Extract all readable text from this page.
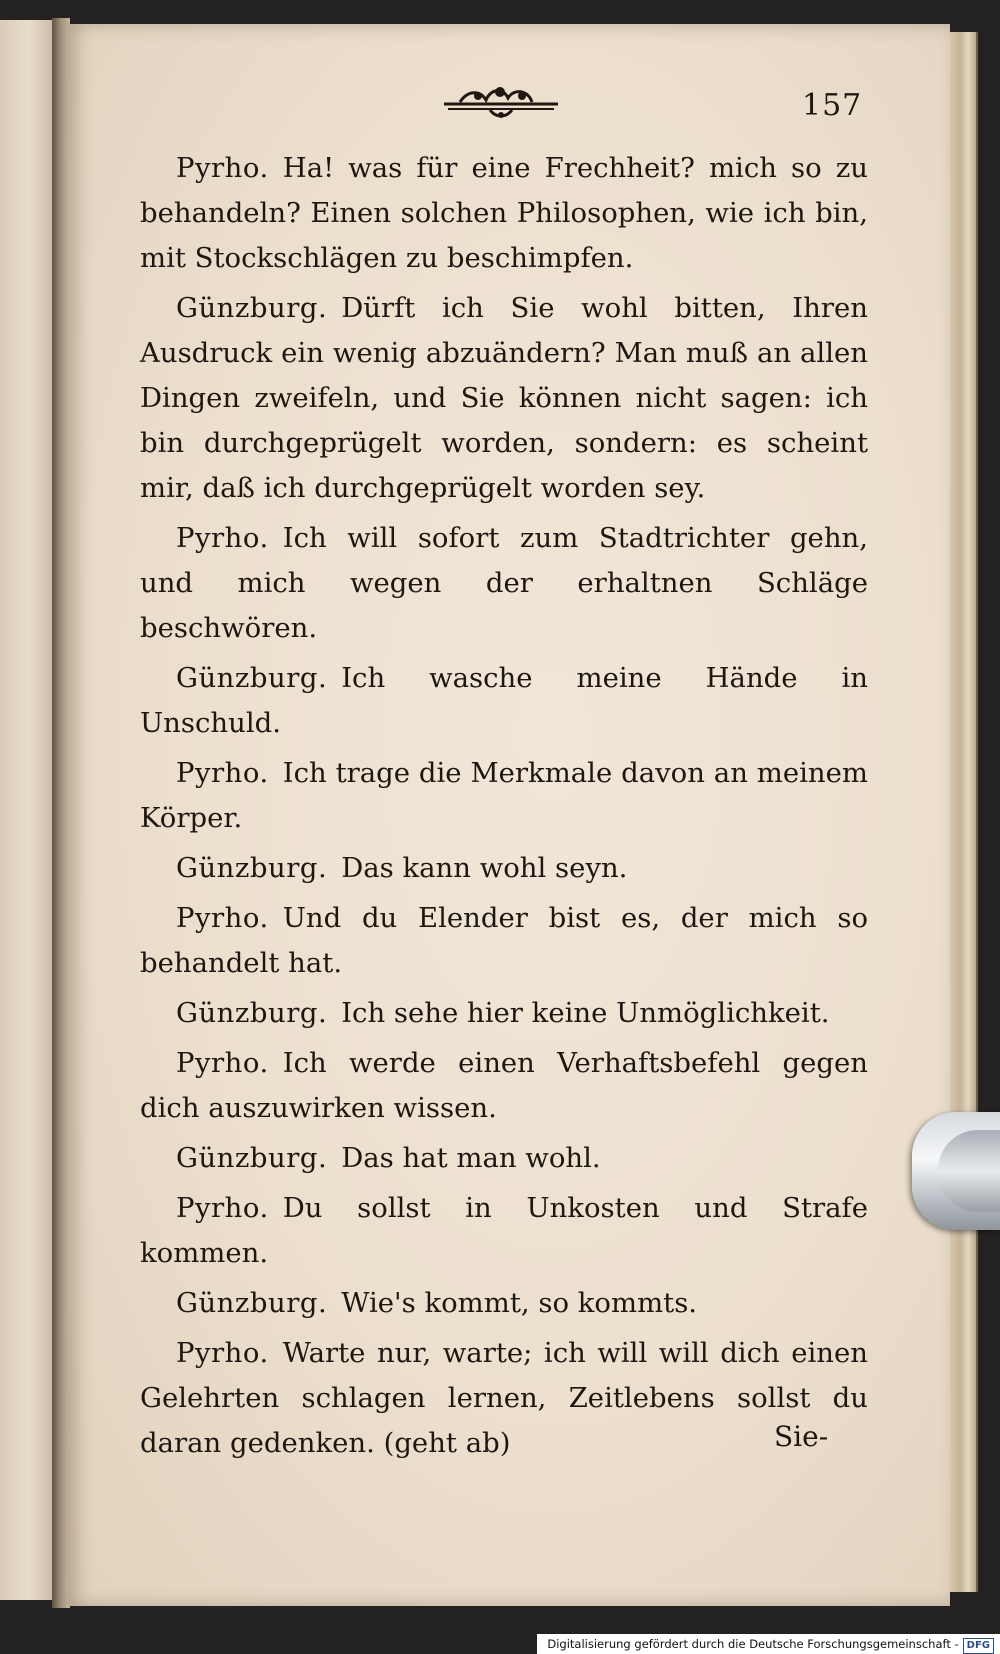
157

Pyrho. Ha! was für eine Frechheit? mich so zu behandeln? Einen solchen Philosophen, wie ich bin, mit Stockschlägen zu beschimpfen.

Günzburg. Dürft ich Sie wohl bitten, Ihren Ausdruck ein wenig abzuändern? Man muß an allen Dingen zweifeln, und Sie können nicht sagen: ich bin durchgeprügelt worden, sondern: es scheint mir, daß ich durchgeprügelt worden sey.

Pyrho. Ich will sofort zum Stadtrichter gehn, und mich wegen der erhaltnen Schläge beschwören.

Günzburg. Ich wasche meine Hände in Unschuld.

Pyrho. Ich trage die Merkmale davon an meinem Körper.

Günzburg. Das kann wohl seyn.

Pyrho. Und du Elender bist es, der mich so behandelt hat.

Günzburg. Ich sehe hier keine Unmöglichkeit.

Pyrho. Ich werde einen Verhaftsbefehl gegen dich auszuwirken wissen.

Günzburg. Das hat man wohl.

Pyrho. Du sollst in Unkosten und Strafe kommen.

Günzburg. Wie's kommt, so kommts.

Pyrho. Warte nur, warte; ich will will dich einen Gelehrten schlagen lernen, Zeitlebens sollst du daran gedenken. (geht ab)	Sie-
Digitalisierung gefördert durch die Deutsche Forschungsgemeinschaft - DFG
